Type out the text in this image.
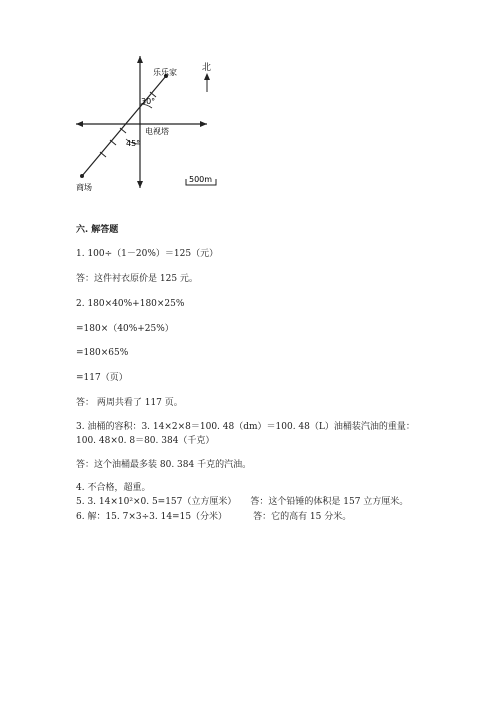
北
乐乐家
电视塔
商场
30°
45°
500m
六. 解答题
1. 100÷（1－20%）＝125（元）
答：这件衬衣原价是 125 元。
2. 180×40%+180×25%
=180×（40%+25%）
=180×65%
=117（页）
答： 两周共看了 117 页。
3. 油桶的容积：3. 14×2×8＝100. 48（dm）＝100. 48（L）油桶装汽油的重量：
100. 48×0. 8＝80. 384（千克）
答：这个油桶最多装 80. 384 千克的汽油。
4. 不合格，超重。
5. 3. 14×10²×0. 5=157（立方厘米） 答：这个铅锤的体积是 157 立方厘米。
6. 解：15. 7×3÷3. 14=15（分米）	答：它的高有 15 分米。
